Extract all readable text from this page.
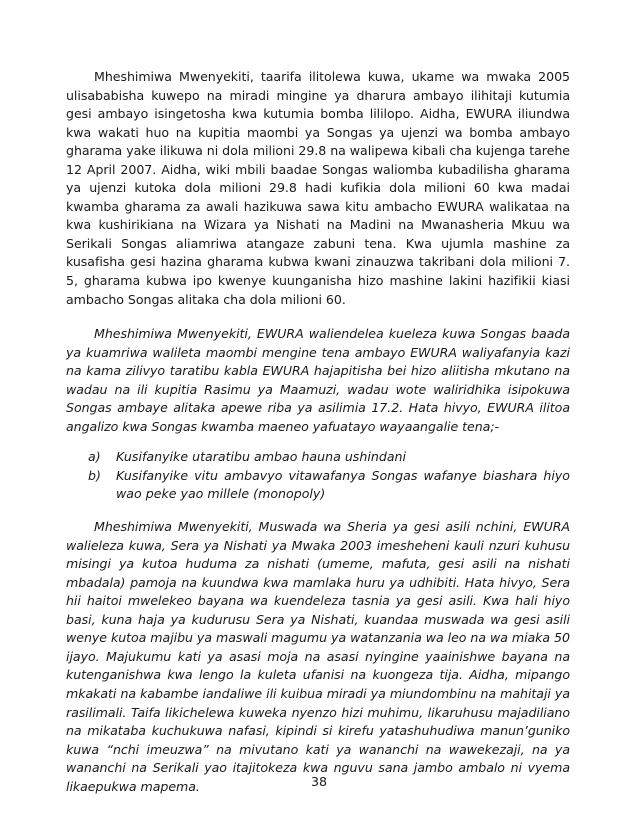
Mheshimiwa Mwenyekiti, taarifa ilitolewa kuwa, ukame wa mwaka 2005 ulisababisha kuwepo na miradi mingine ya dharura ambayo ilihitaji kutumia gesi ambayo isingetosha kwa kutumia bomba lililopo. Aidha, EWURA iliundwa kwa wakati huo na kupitia maombi ya Songas ya ujenzi wa bomba ambayo gharama yake ilikuwa ni dola milioni 29.8 na walipewa kibali cha kujenga tarehe 12 April 2007. Aidha, wiki mbili baadae Songas waliomba kubadilisha gharama ya ujenzi kutoka dola milioni 29.8 hadi kufikia dola milioni 60 kwa madai kwamba gharama za awali hazikuwa sawa kitu ambacho EWURA walikataa na kwa kushirikiana na Wizara ya Nishati na Madini na Mwanasheria Mkuu wa Serikali Songas aliamriwa atangaze zabuni tena. Kwa ujumla mashine za kusafisha gesi hazina gharama kubwa kwani zinauzwa takribani dola milioni 7. 5, gharama kubwa ipo kwenye kuunganisha hizo mashine lakini hazifikii kiasi ambacho Songas alitaka cha dola milioni 60.

Mheshimiwa Mwenyekiti, EWURA waliendelea kueleza kuwa Songas baada ya kuamriwa walileta maombi mengine tena ambayo EWURA waliyafanyia kazi na kama zilivyo taratibu kabla EWURA hajapitisha bei hizo aliitisha mkutano na wadau na ili kupitia Rasimu ya Maamuzi, wadau wote waliridhika isipokuwa Songas ambaye alitaka apewe riba ya asilimia 17.2. Hata hivyo, EWURA ilitoa angalizo kwa Songas kwamba maeneo yafuatayo wayaangalie tena;-

a) Kusifanyike utaratibu ambao hauna ushindani
b) Kusifanyike vitu ambavyo vitawafanya Songas wafanye biashara hiyo wao peke yao millele (monopoly)

Mheshimiwa Mwenyekiti, Muswada wa Sheria ya gesi asili nchini, EWURA walieleza kuwa, Sera ya Nishati ya Mwaka 2003 imesheheni kauli nzuri kuhusu misingi ya kutoa huduma za nishati (umeme, mafuta, gesi asili na nishati mbadala) pamoja na kuundwa kwa mamlaka huru ya udhibiti. Hata hivyo, Sera hii haitoi mwelekeo bayana wa kuendeleza tasnia ya gesi asili. Kwa hali hiyo basi, kuna haja ya kudurusu Sera ya Nishati, kuandaa muswada wa gesi asili wenye kutoa majibu ya maswali magumu ya watanzania wa leo na wa miaka 50 ijayo. Majukumu kati ya asasi moja na asasi nyingine yaainishwe bayana na kutenganishwa kwa lengo la kuleta ufanisi na kuongeza tija. Aidha, mipango mkakati na kabambe iandaliwe ili kuibua miradi ya miundombinu na mahitaji ya rasilimali. Taifa likichelewa kuweka nyenzo hizi muhimu, likaruhusu majadiliano na mikataba kuchukuwa nafasi, kipindi si kirefu yatashuhudiwa manun’guniko kuwa “nchi imeuzwa” na mivutano kati ya wananchi na wawekezaji, na ya wananchi na Serikali yao itajitokeza kwa nguvu sana jambo ambalo ni vyema likaepukwa mapema.	38
